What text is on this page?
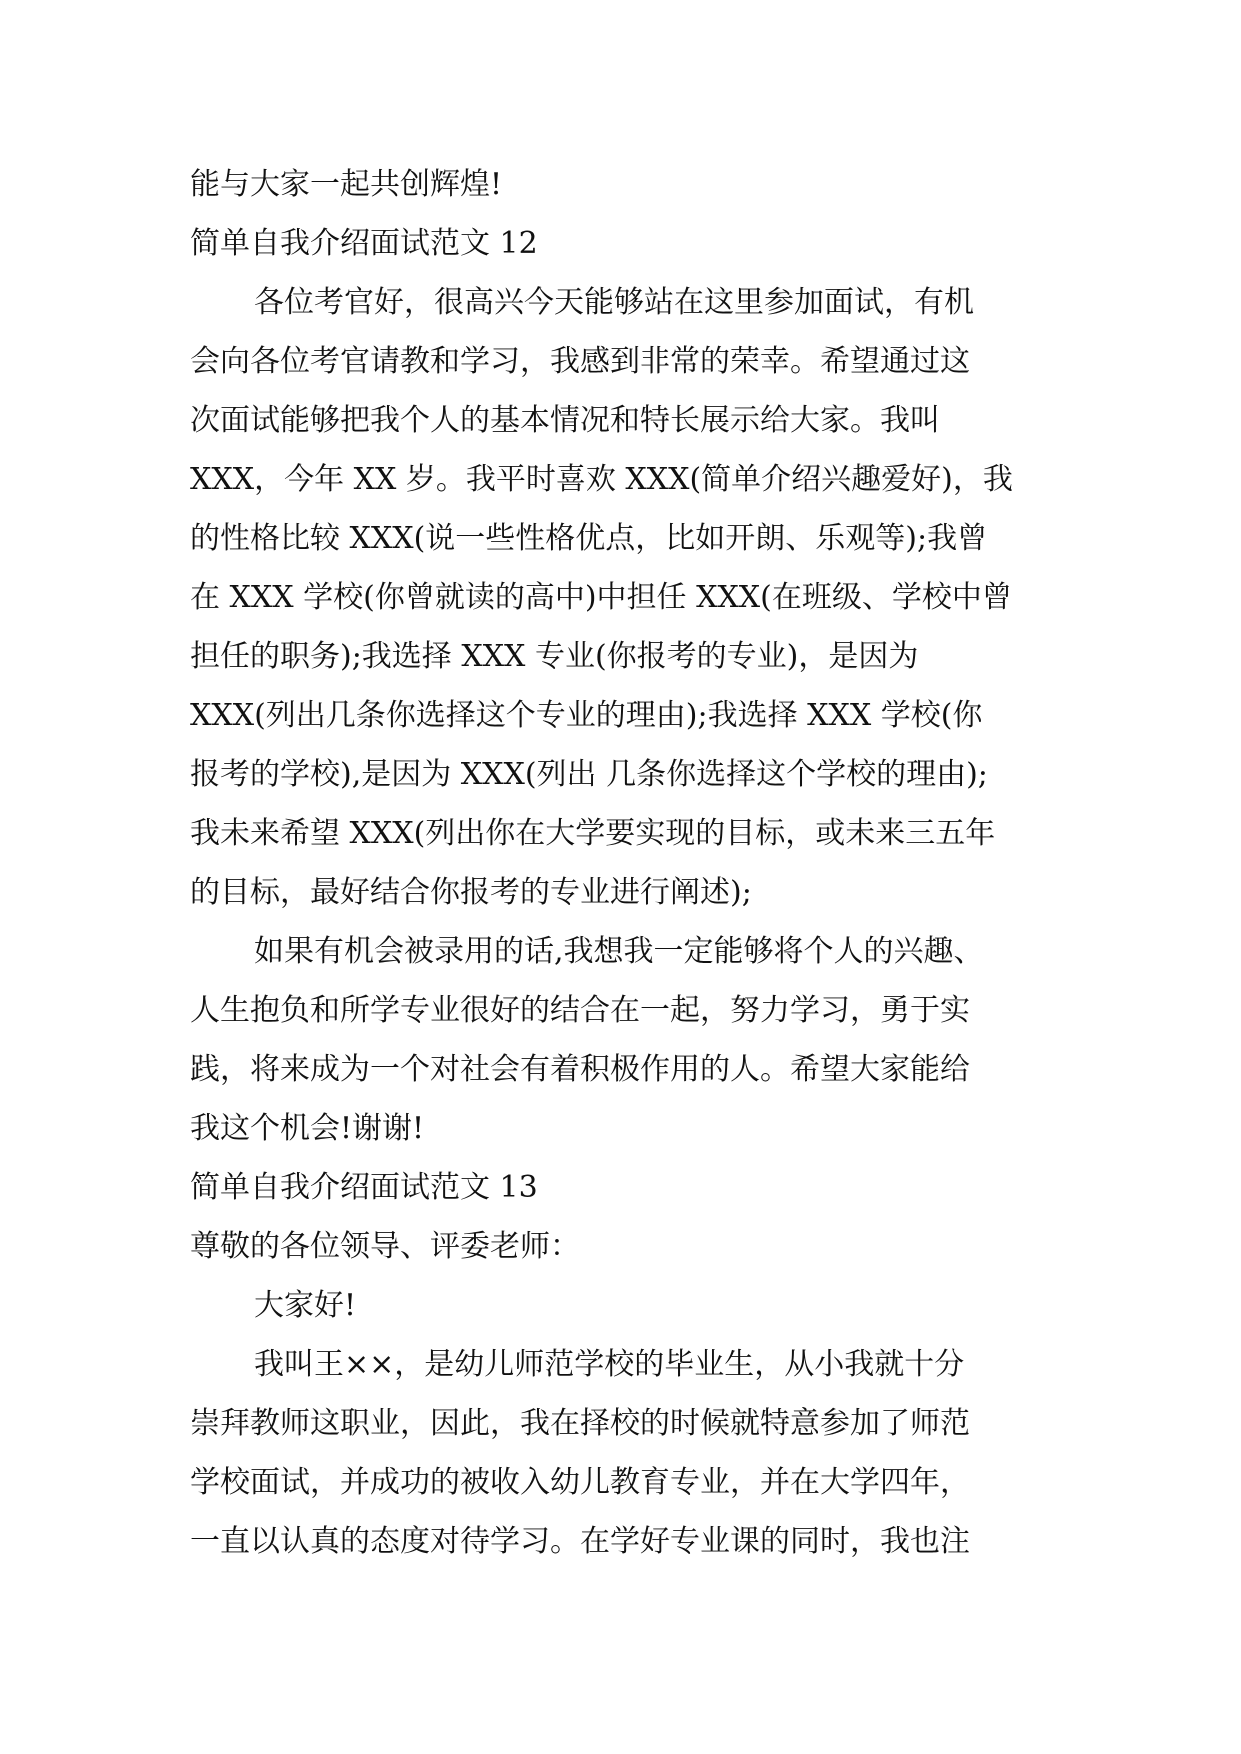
能与大家一起共创辉煌!
简单自我介绍面试范文 12
各位考官好，很高兴今天能够站在这里参加面试，有机
会向各位考官请教和学习，我感到非常的荣幸。希望通过这
次面试能够把我个人的基本情况和特长展示给大家。我叫
XXX，今年 XX 岁。我平时喜欢 XXX(简单介绍兴趣爱好)，我
的性格比较 XXX(说一些性格优点，比如开朗、乐观等);我曾
在 XXX 学校(你曾就读的高中)中担任 XXX(在班级、学校中曾
担任的职务);我选择 XXX 专业(你报考的专业)，是因为
XXX(列出几条你选择这个专业的理由);我选择 XXX 学校(你
报考的学校),是因为 XXX(列出 几条你选择这个学校的理由);
我未来希望 XXX(列出你在大学要实现的目标，或未来三五年
的目标，最好结合你报考的专业进行阐述);
如果有机会被录用的话,我想我一定能够将个人的兴趣、
人生抱负和所学专业很好的结合在一起，努力学习，勇于实
践，将来成为一个对社会有着积极作用的人。希望大家能给
我这个机会!谢谢!
简单自我介绍面试范文 13
尊敬的各位领导、评委老师：
大家好!
我叫王××，是幼儿师范学校的毕业生，从小我就十分
崇拜教师这职业，因此，我在择校的时候就特意参加了师范
学校面试，并成功的被收入幼儿教育专业，并在大学四年，
一直以认真的态度对待学习。在学好专业课的同时，我也注
